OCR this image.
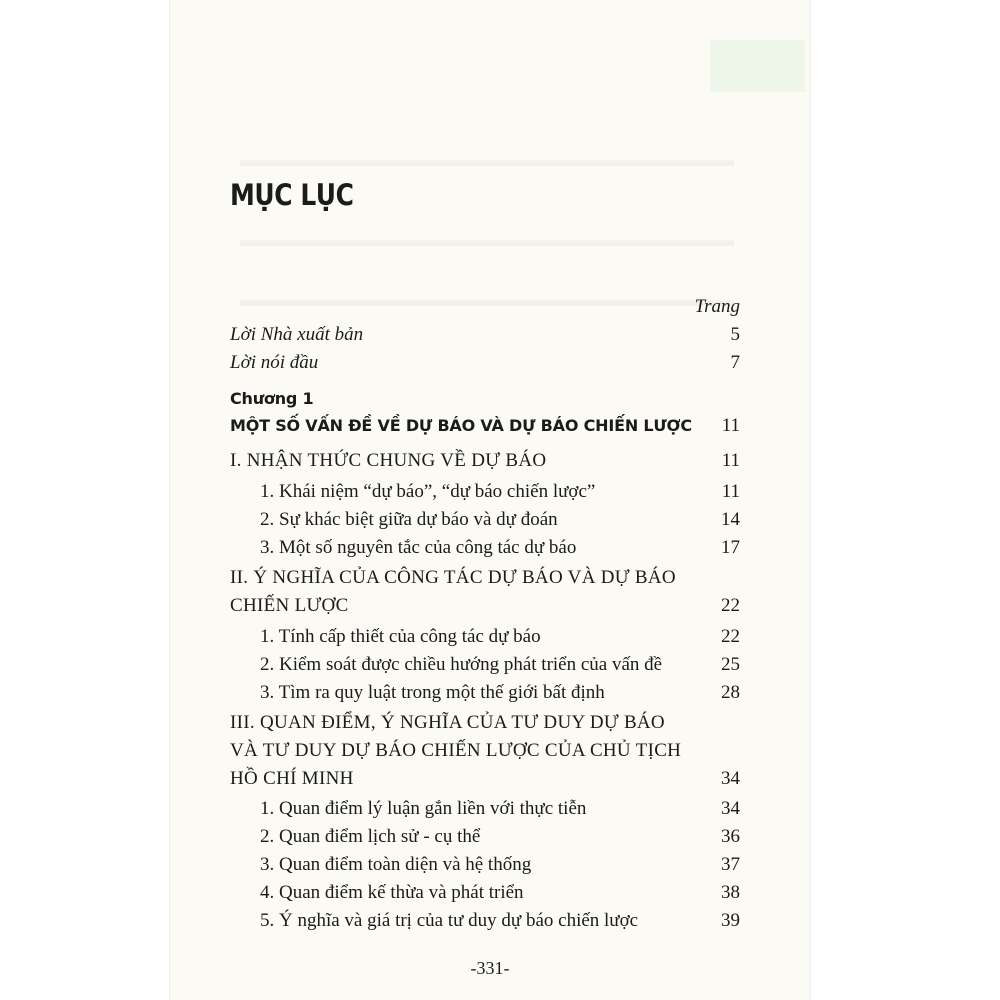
MỤC LỤC
Trang
Lời Nhà xuất bản	5
Lời nói đầu	7
Chương 1
MỘT SỐ VẤN ĐỀ VỀ DỰ BÁO VÀ DỰ BÁO CHIẾN LƯỢC 11
I. NHẬN THỨC CHUNG VỀ DỰ BÁO	11
1. Khái niệm “dự báo”, “dự báo chiến lược”	11
2. Sự khác biệt giữa dự báo và dự đoán	14
3. Một số nguyên tắc của công tác dự báo	17
II. Ý NGHĨA CỦA CÔNG TÁC DỰ BÁO VÀ DỰ BÁO
CHIẾN LƯỢC	22
1. Tính cấp thiết của công tác dự báo	22
2. Kiểm soát được chiều hướng phát triển của vấn đề	25
3. Tìm ra quy luật trong một thế giới bất định	28
III. QUAN ĐIỂM, Ý NGHĨA CỦA TƯ DUY DỰ BÁO
VÀ TƯ DUY DỰ BÁO CHIẾN LƯỢC CỦA CHỦ TỊCH
HỒ CHÍ MINH	34
1. Quan điểm lý luận gắn liền với thực tiễn	34
2. Quan điểm lịch sử - cụ thể	36
3. Quan điểm toàn diện và hệ thống	37
4. Quan điểm kế thừa và phát triển	38
5. Ý nghĩa và giá trị của tư duy dự báo chiến lược	39
-331-
